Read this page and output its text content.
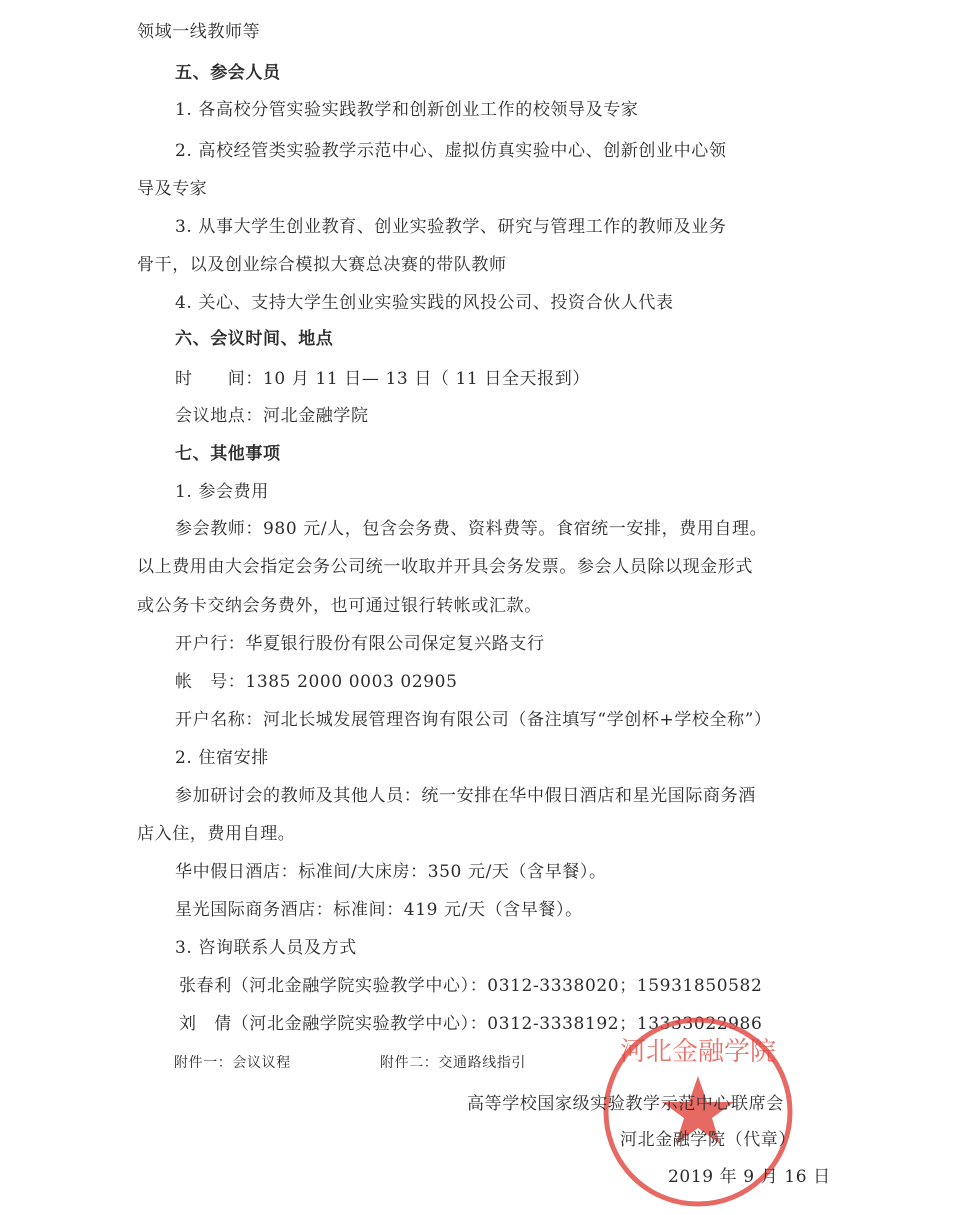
领域一线教师等
五、参会人员
1. 各高校分管实验实践教学和创新创业工作的校领导及专家
2. 高校经管类实验教学示范中心、虚拟仿真实验中心、创新创业中心领
导及专家
3. 从事大学生创业教育、创业实验教学、研究与管理工作的教师及业务
骨干，以及创业综合模拟大赛总决赛的带队教师
4. 关心、支持大学生创业实验实践的风投公司、投资合伙人代表
六、会议时间、地点
时　　间：10 月 11 日— 13 日（ 11 日全天报到）
会议地点：河北金融学院
七、其他事项
1. 参会费用
参会教师：980 元/人，包含会务费、资料费等。食宿统一安排，费用自理。
以上费用由大会指定会务公司统一收取并开具会务发票。参会人员除以现金形式
或公务卡交纳会务费外，也可通过银行转帐或汇款。
开户行：华夏银行股份有限公司保定复兴路支行
帐　号：1385 2000 0003 02905
开户名称：河北长城发展管理咨询有限公司（备注填写“学创杯+学校全称”）
2. 住宿安排
参加研讨会的教师及其他人员：统一安排在华中假日酒店和星光国际商务酒
店入住，费用自理。
华中假日酒店：标准间/大床房：350 元/天（含早餐）。
星光国际商务酒店：标准间：419 元/天（含早餐）。
3. 咨询联系人员及方式
张春利（河北金融学院实验教学中心）：0312-3338020；15931850582
刘　倩（河北金融学院实验教学中心）：0312-3338192；13333022986
附件一：会议议程	附件二：交通路线指引	河北金融学院
高等学校国家级实验教学示范中心联席会
河北金融学院（代章）
2019 年 9 月 16 日
